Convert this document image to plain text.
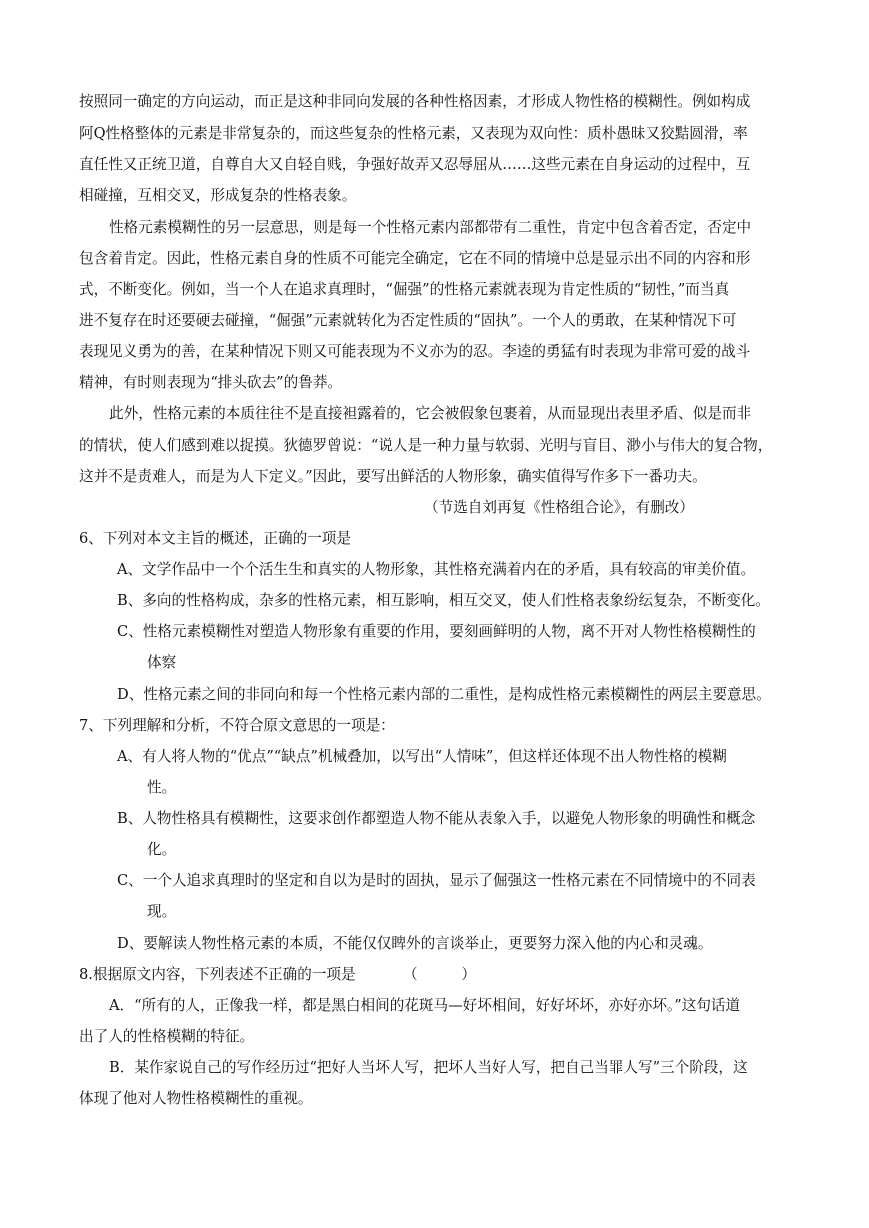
按照同一确定的方向运动，而正是这种非同向发展的各种性格因素，才形成人物性格的模糊性。例如构成
阿Q性格整体的元素是非常复杂的，而这些复杂的性格元素，又表现为双向性：质朴愚昧又狡黠圆滑，率
直任性又正统卫道，自尊自大又自轻自贱，争强好故弄又忍辱屈从……这些元素在自身运动的过程中，互
相碰撞，互相交叉，形成复杂的性格表象。
性格元素模糊性的另一层意思，则是每一个性格元素内部都带有二重性，肯定中包含着否定，否定中
包含着肯定。因此，性格元素自身的性质不可能完全确定，它在不同的情境中总是显示出不同的内容和形
式，不断变化。例如，当一个人在追求真理时，“倔强”的性格元素就表现为肯定性质的“韧性，”而当真
进不复存在时还要硬去碰撞，“倔强”元素就转化为否定性质的“固执”。一个人的勇敢，在某种情况下可
表现见义勇为的善，在某种情况下则又可能表现为不义亦为的忍。李逵的勇猛有时表现为非常可爱的战斗
精神，有时则表现为“排头砍去”的鲁莽。
此外，性格元素的本质往往不是直接袒露着的，它会被假象包裹着，从而显现出表里矛盾、似是而非
的情状，使人们感到难以捉摸。狄德罗曾说：“说人是一种力量与软弱、光明与盲目、渺小与伟大的复合物，
这并不是责难人，而是为人下定义。”因此，要写出鲜活的人物形象，确实值得写作多下一番功夫。
（节选自刘再复《性格组合论》，有删改）
6、下列对本文主旨的概述，正确的一项是
A、文学作品中一个个活生生和真实的人物形象，其性格充满着内在的矛盾，具有较高的审美价值。
B、多向的性格构成，杂多的性格元素，相互影响，相互交叉，使人们性格表象纷纭复杂，不断变化。
C、性格元素模糊性对塑造人物形象有重要的作用，要刻画鲜明的人物，离不开对人物性格模糊性的
体察
D、性格元素之间的非同向和每一个性格元素内部的二重性，是构成性格元素模糊性的两层主要意思。
7、下列理解和分析，不符合原文意思的一项是：
A、有人将人物的“优点”“缺点”机械叠加，以写出“人情味”，但这样还体现不出人物性格的模糊
性。
B、人物性格具有模糊性，这要求创作都塑造人物不能从表象入手，以避免人物形象的明确性和概念
化。
C、一个人追求真理时的坚定和自以为是时的固执，显示了倔强这一性格元素在不同情境中的不同表
现。
D、要解读人物性格元素的本质，不能仅仅睥外的言谈举止，更要努力深入他的内心和灵魂。
8.根据原文内容，下列表述不正确的一项是	（　　　）
A．“所有的人，正像我一样，都是黑白相间的花斑马—好坏相间，好好坏坏，亦好亦坏。”这句话道
出了人的性格模糊的特征。
B．某作家说自己的写作经历过“把好人当坏人写，把坏人当好人写，把自己当罪人写”三个阶段，这
体现了他对人物性格模糊性的重视。
